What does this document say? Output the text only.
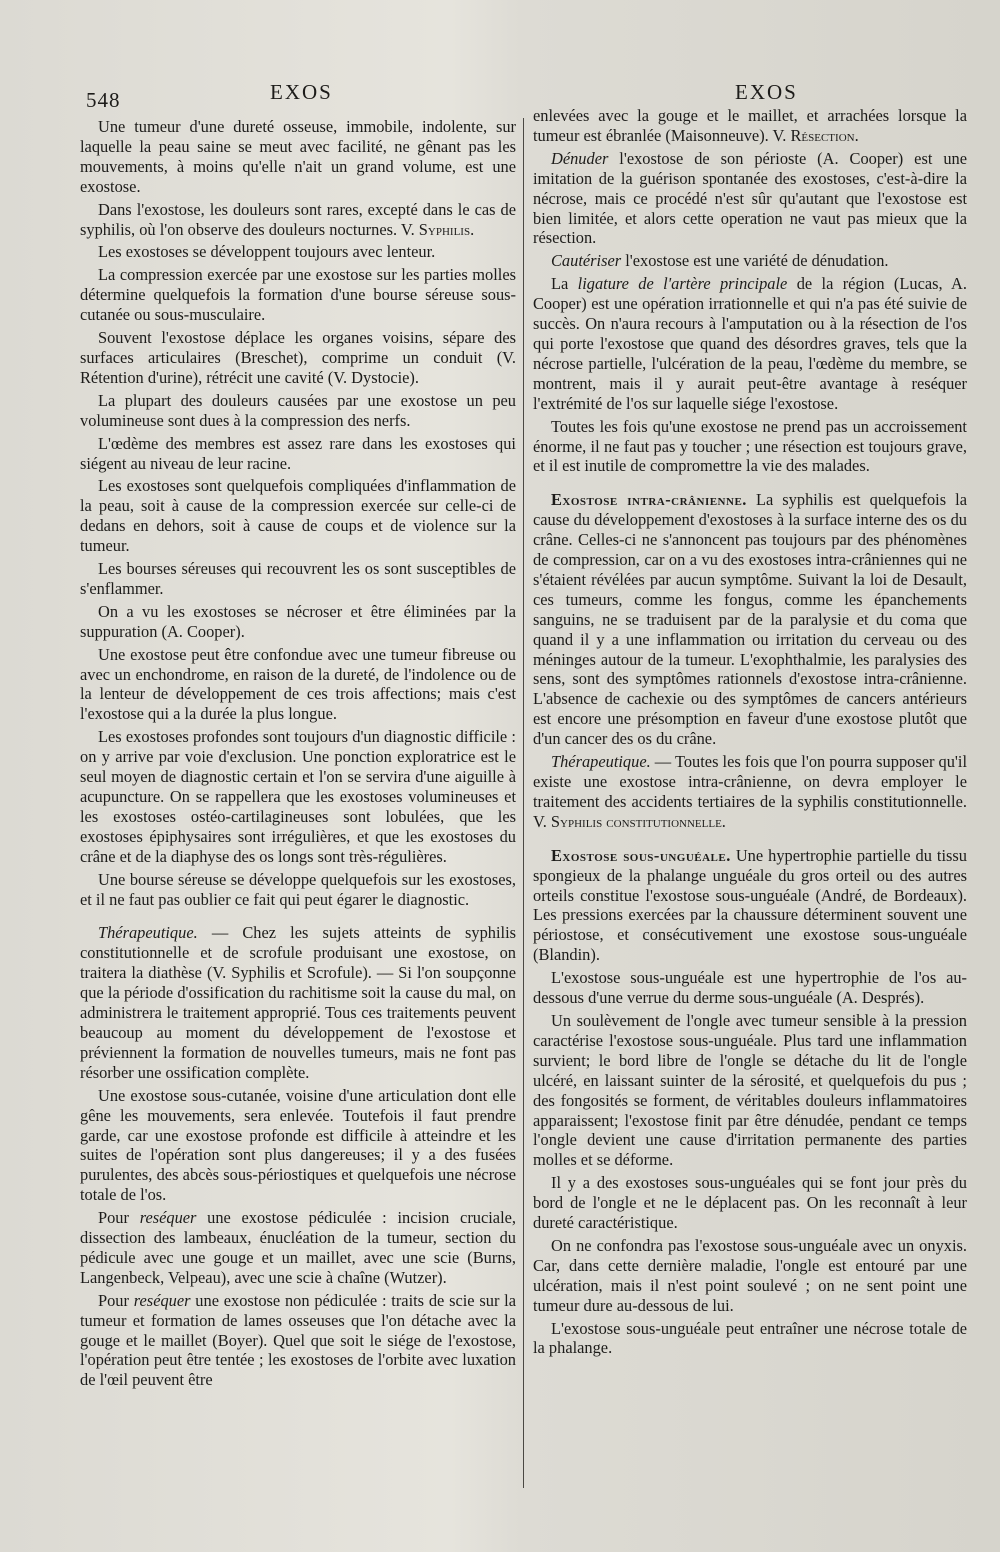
548	EXOS	EXOS

Une tumeur d'une dureté osseuse, immobile, indolente, sur laquelle la peau saine se meut avec facilité, ne gênant pas les mouvements, à moins qu'elle n'ait un grand volume, est une exostose.

Dans l'exostose, les douleurs sont rares, excepté dans le cas de syphilis, où l'on observe des douleurs nocturnes. V. Syphilis.

Les exostoses se développent toujours avec lenteur.

La compression exercée par une exostose sur les parties molles détermine quelquefois la formation d'une bourse séreuse sous-cutanée ou sous-musculaire.

Souvent l'exostose déplace les organes voisins, sépare des surfaces articulaires (Breschet), comprime un conduit (V. Rétention d'urine), rétrécit une cavité (V. Dystocie).

La plupart des douleurs causées par une exostose un peu volumineuse sont dues à la compression des nerfs.

L'œdème des membres est assez rare dans les exostoses qui siégent au niveau de leur racine.

Les exostoses sont quelquefois compliquées d'inflammation de la peau, soit à cause de la compression exercée sur celle-ci de dedans en dehors, soit à cause de coups et de violence sur la tumeur.

Les bourses séreuses qui recouvrent les os sont susceptibles de s'enflammer.

On a vu les exostoses se nécroser et être éliminées par la suppuration (A. Cooper).

Une exostose peut être confondue avec une tumeur fibreuse ou avec un enchondrome, en raison de la dureté, de l'indolence ou de la lenteur de développement de ces trois affections; mais c'est l'exostose qui a la durée la plus longue.

Les exostoses profondes sont toujours d'un diagnostic difficile : on y arrive par voie d'exclusion. Une ponction exploratrice est le seul moyen de diagnostic certain et l'on se servira d'une aiguille à acupuncture. On se rappellera que les exostoses volumineuses et les exostoses ostéo-cartilagineuses sont lobulées, que les exostoses épiphysaires sont irrégulières, et que les exostoses du crâne et de la diaphyse des os longs sont très-régulières.

Une bourse séreuse se développe quelquefois sur les exostoses, et il ne faut pas oublier ce fait qui peut égarer le diagnostic.

Thérapeutique. — Chez les sujets atteints de syphilis constitutionnelle et de scrofule produisant une exostose, on traitera la diathèse (V. Syphilis et Scrofule). — Si l'on soupçonne que la période d'ossification du rachitisme soit la cause du mal, on administrera le traitement approprié. Tous ces traitements peuvent beaucoup au moment du développement de l'exostose et préviennent la formation de nouvelles tumeurs, mais ne font pas résorber une ossification complète.

Une exostose sous-cutanée, voisine d'une articulation dont elle gêne les mouvements, sera enlevée. Toutefois il faut prendre garde, car une exostose profonde est difficile à atteindre et les suites de l'opération sont plus dangereuses; il y a des fusées purulentes, des abcès sous-périostiques et quelquefois une nécrose totale de l'os.

Pour reséquer une exostose pédiculée : incision cruciale, dissection des lambeaux, énucléation de la tumeur, section du pédicule avec une gouge et un maillet, avec une scie (Burns, Langenbeck, Velpeau), avec une scie à chaîne (Wutzer).

Pour reséquer une exostose non pédiculée : traits de scie sur la tumeur et formation de lames osseuses que l'on détache avec la gouge et le maillet (Boyer). Quel que soit le siége de l'exostose, l'opération peut être tentée ; les exostoses de l'orbite avec luxation de l'œil peuvent être

enlevées avec la gouge et le maillet, et arrachées lorsque la tumeur est ébranlée (Maisonneuve). V. Résection.

Dénuder l'exostose de son périoste (A. Cooper) est une imitation de la guérison spontanée des exostoses, c'est-à-dire la nécrose, mais ce procédé n'est sûr qu'autant que l'exostose est bien limitée, et alors cette operation ne vaut pas mieux que la résection.

Cautériser l'exostose est une variété de dénudation.

La ligature de l'artère principale de la région (Lucas, A. Cooper) est une opération irrationnelle et qui n'a pas été suivie de succès. On n'aura recours à l'amputation ou à la résection de l'os qui porte l'exostose que quand des désordres graves, tels que la nécrose partielle, l'ulcération de la peau, l'œdème du membre, se montrent, mais il y aurait peut-être avantage à reséquer l'extrémité de l'os sur laquelle siége l'exostose.

Toutes les fois qu'une exostose ne prend pas un accroissement énorme, il ne faut pas y toucher ; une résection est toujours grave, et il est inutile de compromettre la vie des malades.

Exostose intra-crânienne. La syphilis est quelquefois la cause du développement d'exostoses à la surface interne des os du crâne. Celles-ci ne s'annoncent pas toujours par des phénomènes de compression, car on a vu des exostoses intra-crâniennes qui ne s'étaient révélées par aucun symptôme. Suivant la loi de Desault, ces tumeurs, comme les fongus, comme les épanchements sanguins, ne se traduisent par de la paralysie et du coma que quand il y a une inflammation ou irritation du cerveau ou des méninges autour de la tumeur. L'exophthalmie, les paralysies des sens, sont des symptômes rationnels d'exostose intra-crânienne. L'absence de cachexie ou des symptômes de cancers antérieurs est encore une présomption en faveur d'une exostose plutôt que d'un cancer des os du crâne.

Thérapeutique. — Toutes les fois que l'on pourra supposer qu'il existe une exostose intra-crânienne, on devra employer le traitement des accidents tertiaires de la syphilis constitutionnelle. V. Syphilis constitutionnelle.

Exostose sous-unguéale. Une hypertrophie partielle du tissu spongieux de la phalange unguéale du gros orteil ou des autres orteils constitue l'exostose sous-unguéale (André, de Bordeaux). Les pressions exercées par la chaussure déterminent souvent une périostose, et consécutivement une exostose sous-unguéale (Blandin).

L'exostose sous-unguéale est une hypertrophie de l'os au-dessous d'une verrue du derme sous-unguéale (A. Després).

Un soulèvement de l'ongle avec tumeur sensible à la pression caractérise l'exostose sous-unguéale. Plus tard une inflammation survient; le bord libre de l'ongle se détache du lit de l'ongle ulcéré, en laissant suinter de la sérosité, et quelquefois du pus ; des fongosités se forment, de véritables douleurs inflammatoires apparaissent; l'exostose finit par être dénudée, pendant ce temps l'ongle devient une cause d'irritation permanente des parties molles et se déforme.

Il y a des exostoses sous-unguéales qui se font jour près du bord de l'ongle et ne le déplacent pas. On les reconnaît à leur dureté caractéristique.

On ne confondra pas l'exostose sous-unguéale avec un onyxis. Car, dans cette dernière maladie, l'ongle est entouré par une ulcération, mais il n'est point soulevé ; on ne sent point une tumeur dure au-dessous de lui.

L'exostose sous-unguéale peut entraîner une nécrose totale de la phalange.
